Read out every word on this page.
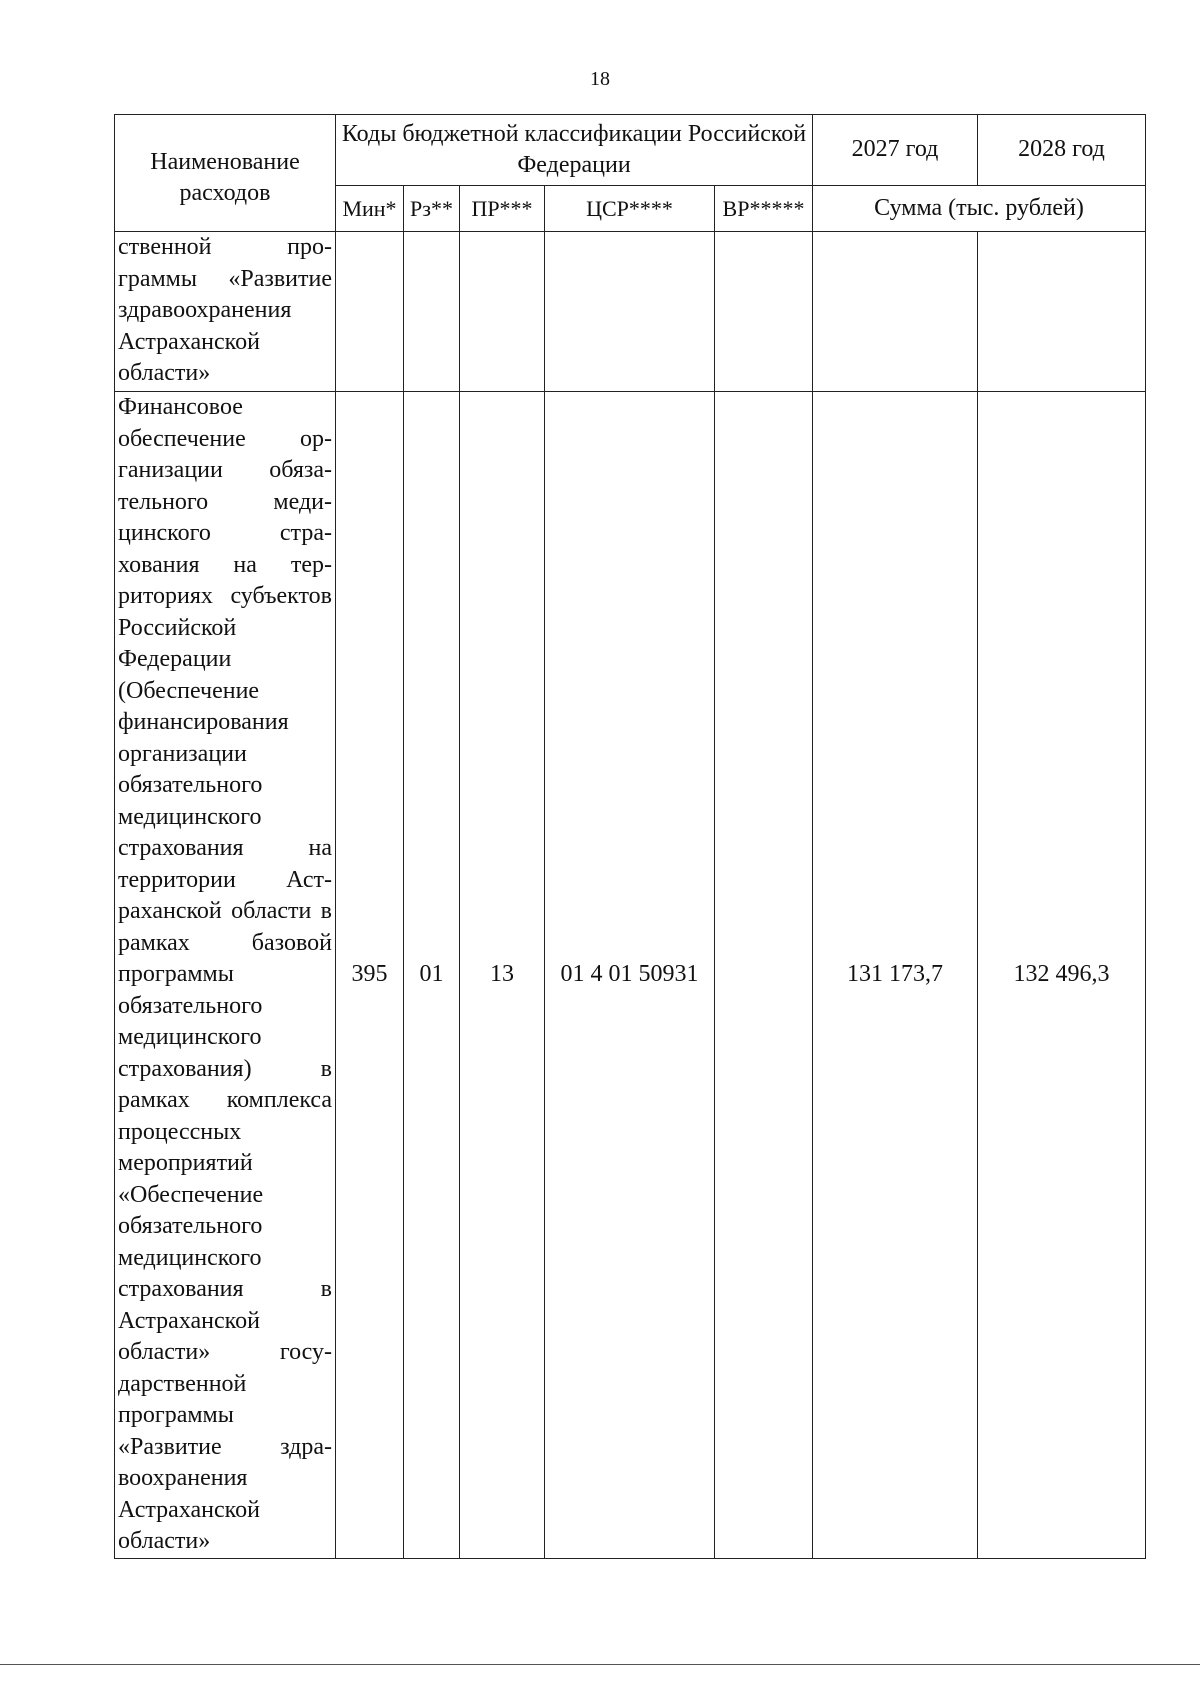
18
Наименование расходов	Коды бюджетной классификации Российской Федерации					2027 год	2028 год
	Мин*	Рз**	ПР***	ЦСР****	ВР*****	Сумма (тыс. рублей)	
ственной программы «Развитие здравоохранения Астраханской области»							
Финансовое обеспечение организации обязательного медицинского страхования на территориях субъектов Российской Федерации (Обеспечение финансирования организации обязательного медицинского страхования на территории Астраханской области в рамках базовой программы обязательного медицинского страхования) в рамках комплекса процессных мероприятий «Обеспечение обязательного медицинского страхования в Астраханской области» государственной программы «Развитие здравоохранения Астраханской области»	395	01	13	01 4 01 50931		131 173,7	132 496,3
